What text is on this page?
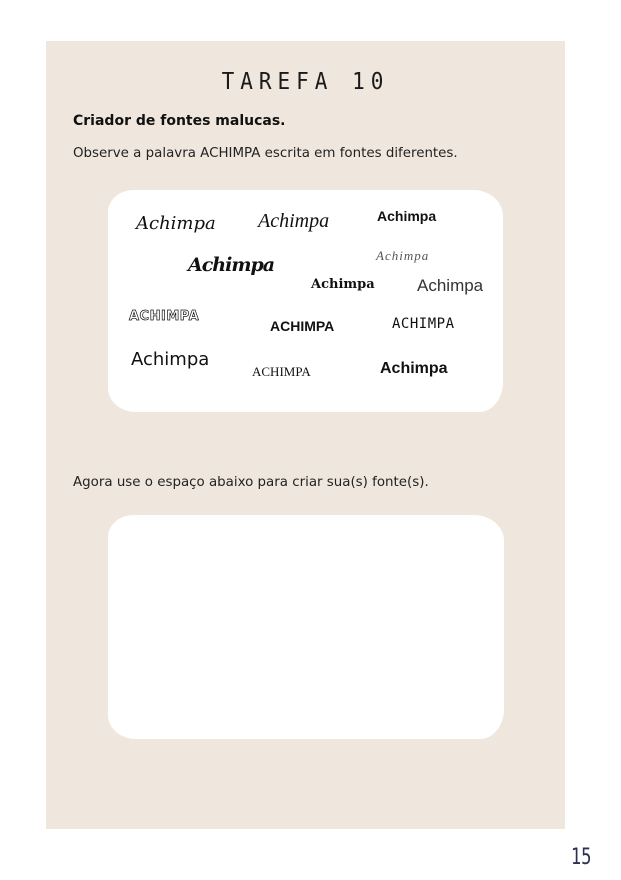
TAREFA 10
Criador de fontes malucas.
Observe a palavra ACHIMPA escrita em fontes diferentes.
Achimpa Achimpa	Achimpa
Achimpa	Achimpa
Achimpa Achimpa
ACHIMPA
ACHIMPA	ACHIMPA
Achimpa
ACHIMPA	Achimpa
Agora use o espaço abaixo para criar sua(s) fonte(s).
15
